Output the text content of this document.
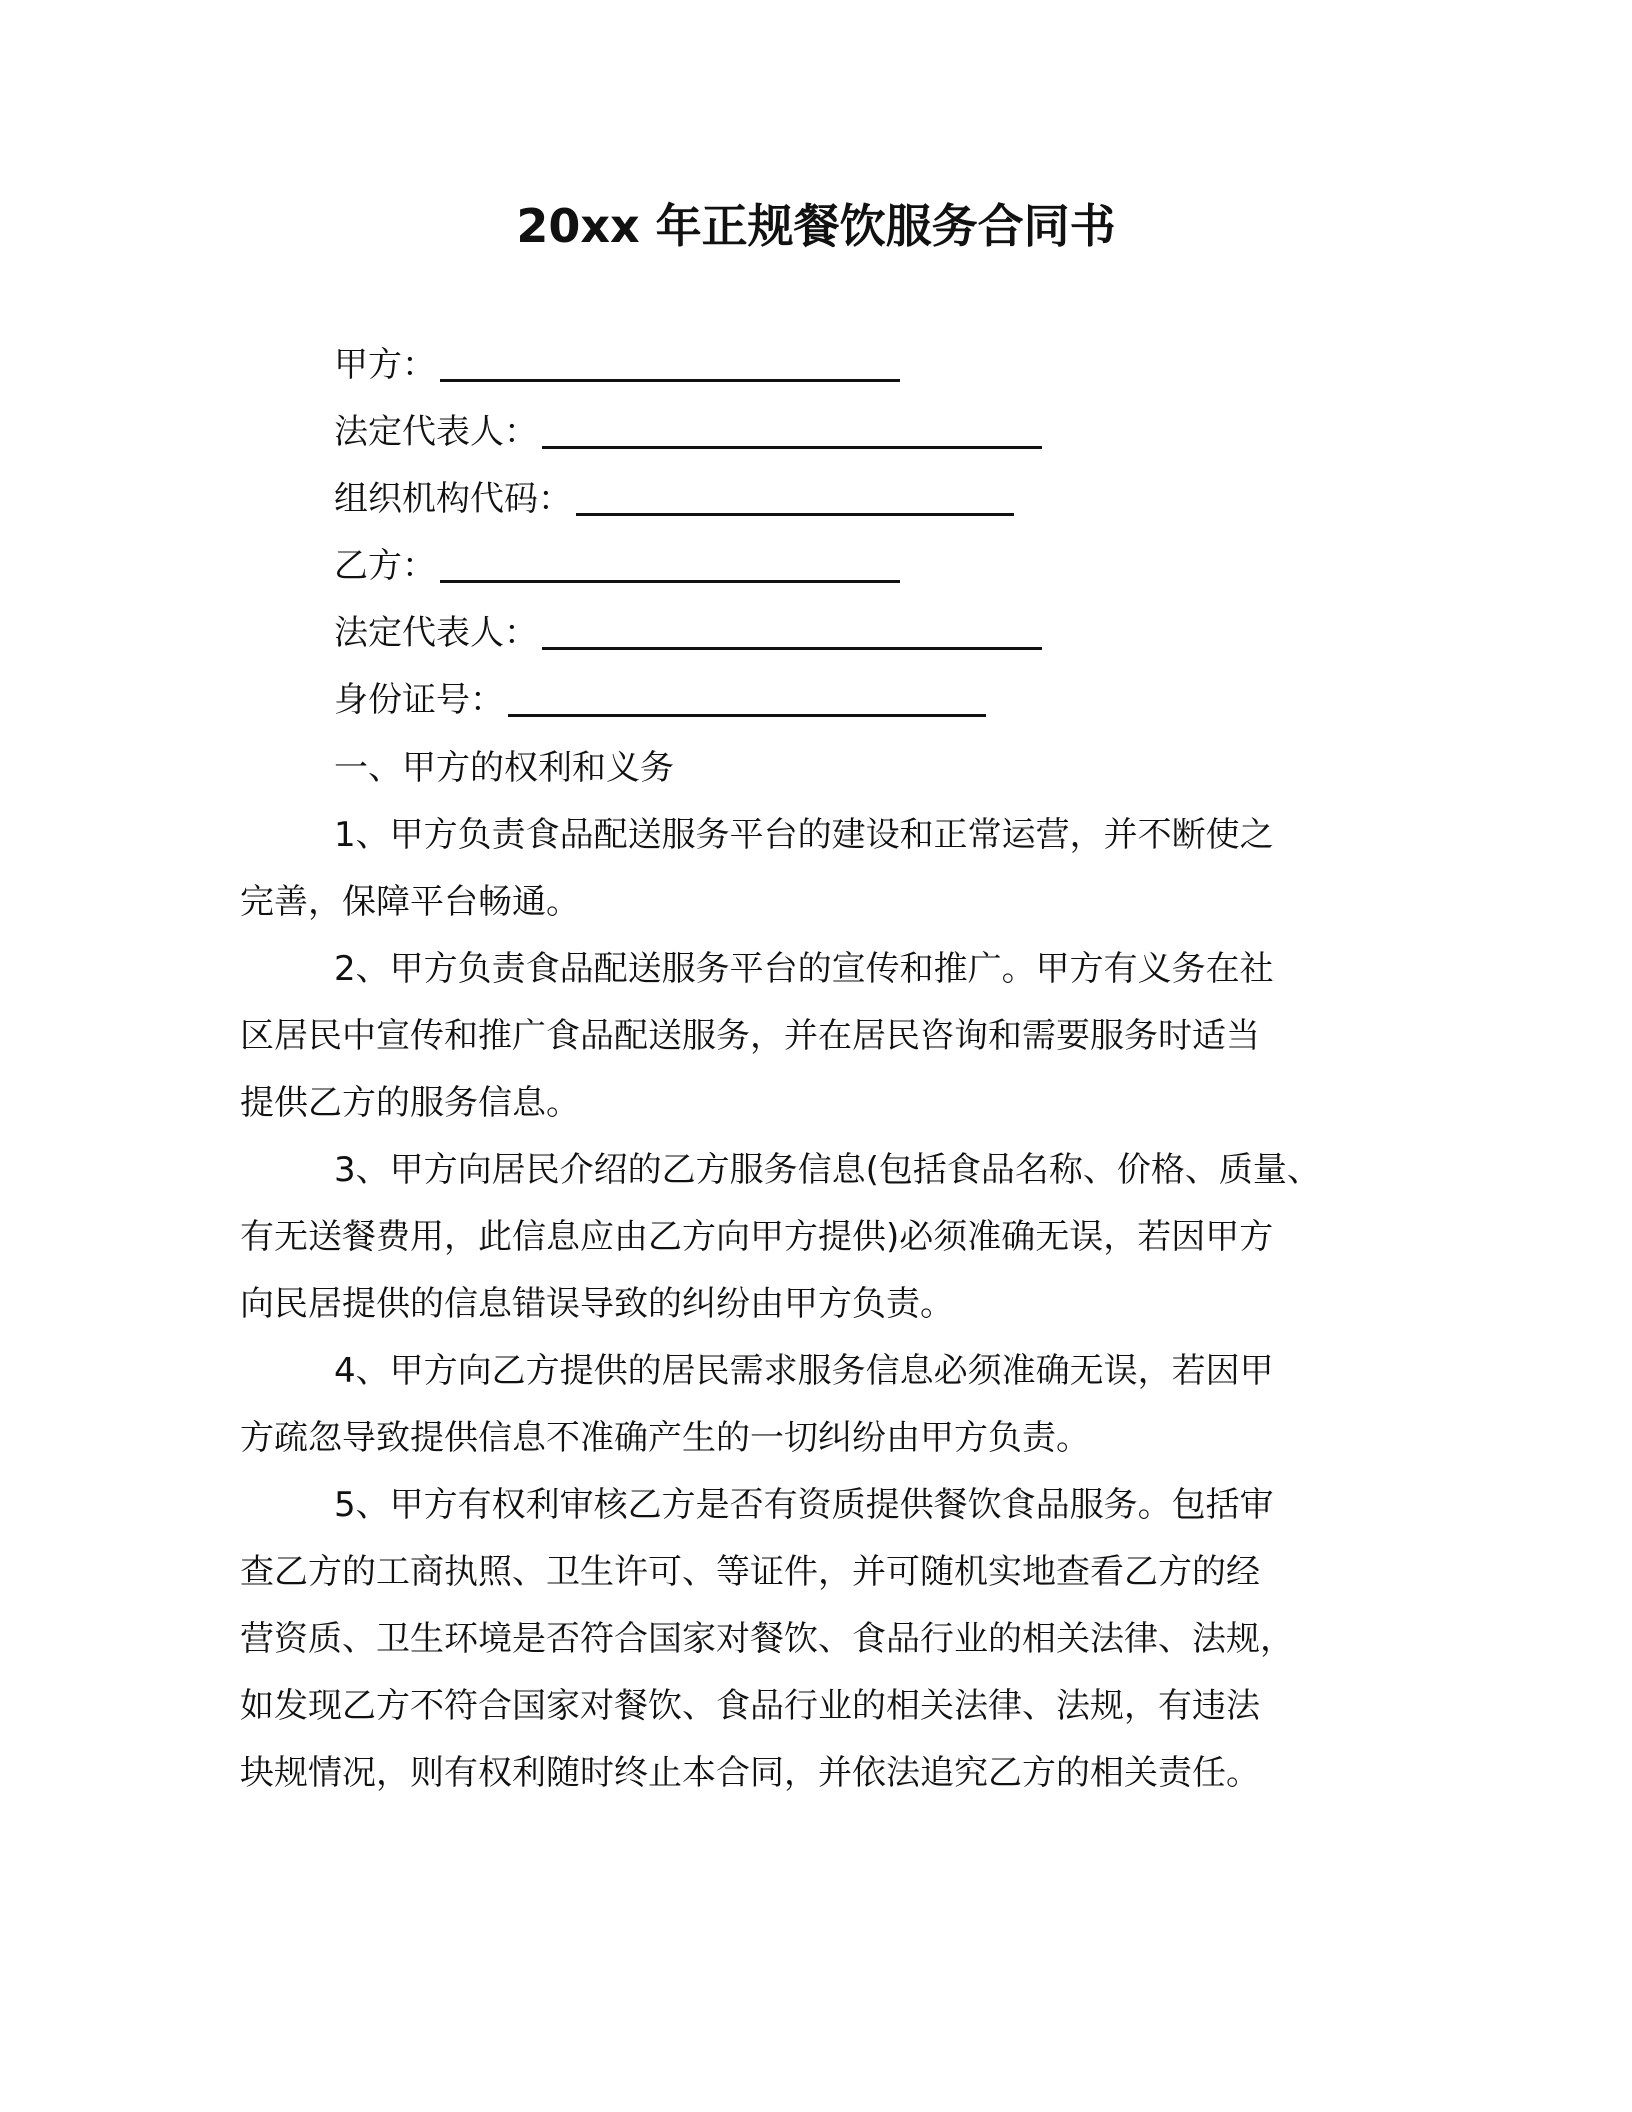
20xx 年正规餐饮服务合同书
甲方：
法定代表人：
组织机构代码：
乙方：
法定代表人：
身份证号：
一、甲方的权利和义务
1、甲方负责食品配送服务平台的建设和正常运营，并不断使之
完善，保障平台畅通。
2、甲方负责食品配送服务平台的宣传和推广。甲方有义务在社
区居民中宣传和推广食品配送服务，并在居民咨询和需要服务时适当
提供乙方的服务信息。
3、甲方向居民介绍的乙方服务信息(包括食品名称、价格、质量、
有无送餐费用，此信息应由乙方向甲方提供)必须准确无误，若因甲方
向民居提供的信息错误导致的纠纷由甲方负责。
4、甲方向乙方提供的居民需求服务信息必须准确无误，若因甲
方疏忽导致提供信息不准确产生的一切纠纷由甲方负责。
5、甲方有权利审核乙方是否有资质提供餐饮食品服务。包括审
查乙方的工商执照、卫生许可、等证件，并可随机实地查看乙方的经
营资质、卫生环境是否符合国家对餐饮、食品行业的相关法律、法规，
如发现乙方不符合国家对餐饮、食品行业的相关法律、法规，有违法
块规情况，则有权利随时终止本合同，并依法追究乙方的相关责任。
